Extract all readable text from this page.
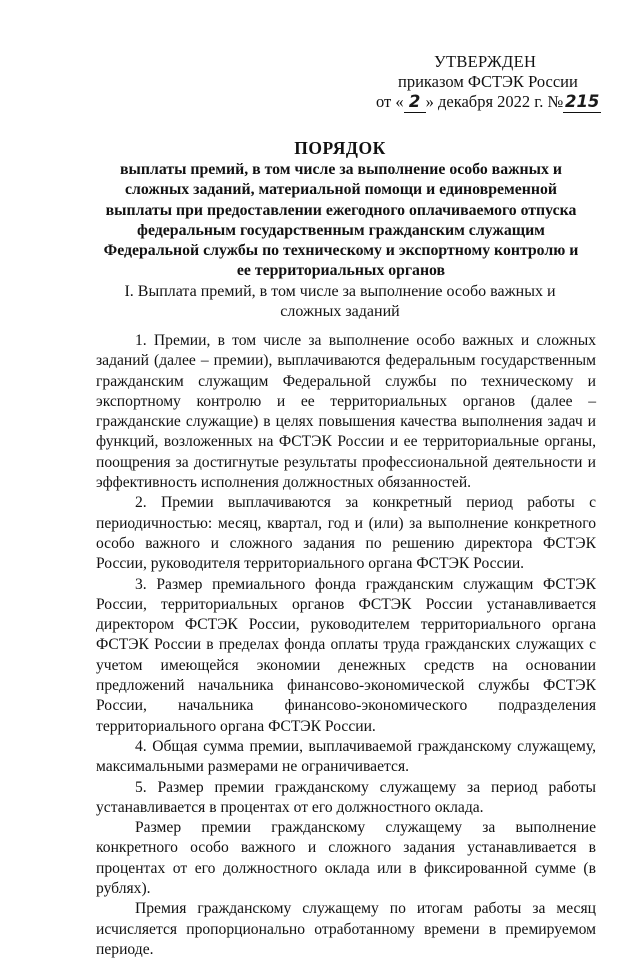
УТВЕРЖДЕН
приказом ФСТЭК России
от « 2 » декабря 2022 г. № 215
ПОРЯДОК
выплаты премий, в том числе за выполнение особо важных и сложных заданий, материальной помощи и единовременной выплаты при предоставлении ежегодного оплачиваемого отпуска федеральным государственным гражданским служащим Федеральной службы по техническому и экспортному контролю и ее территориальных органов
I. Выплата премий, в том числе за выполнение особо важных и сложных заданий

1. Премии, в том числе за выполнение особо важных и сложных заданий (далее – премии), выплачиваются федеральным государственным гражданским служащим Федеральной службы по техническому и экспортному контролю и ее территориальных органов (далее – гражданские служащие) в целях повышения качества выполнения задач и функций, возложенных на ФСТЭК России и ее территориальные органы, поощрения за достигнутые результаты профессиональной деятельности и эффективность исполнения должностных обязанностей.

2. Премии выплачиваются за конкретный период работы с периодичностью: месяц, квартал, год и (или) за выполнение конкретного особо важного и сложного задания по решению директора ФСТЭК России, руководителя территориального органа ФСТЭК России.

3. Размер премиального фонда гражданским служащим ФСТЭК России, территориальных органов ФСТЭК России устанавливается директором ФСТЭК России, руководителем территориального органа ФСТЭК России в пределах фонда оплаты труда гражданских служащих с учетом имеющейся экономии денежных средств на основании предложений начальника финансово-экономической службы ФСТЭК России, начальника финансово-экономического подразделения территориального органа ФСТЭК России.

4. Общая сумма премии, выплачиваемой гражданскому служащему, максимальными размерами не ограничивается.

5. Размер премии гражданскому служащему за период работы устанавливается в процентах от его должностного оклада.

Размер премии гражданскому служащему за выполнение конкретного особо важного и сложного задания устанавливается в процентах от его должностного оклада или в фиксированной сумме (в рублях).

Премия гражданскому служащему по итогам работы за месяц исчисляется пропорционально отработанному времени в премируемом периоде.
